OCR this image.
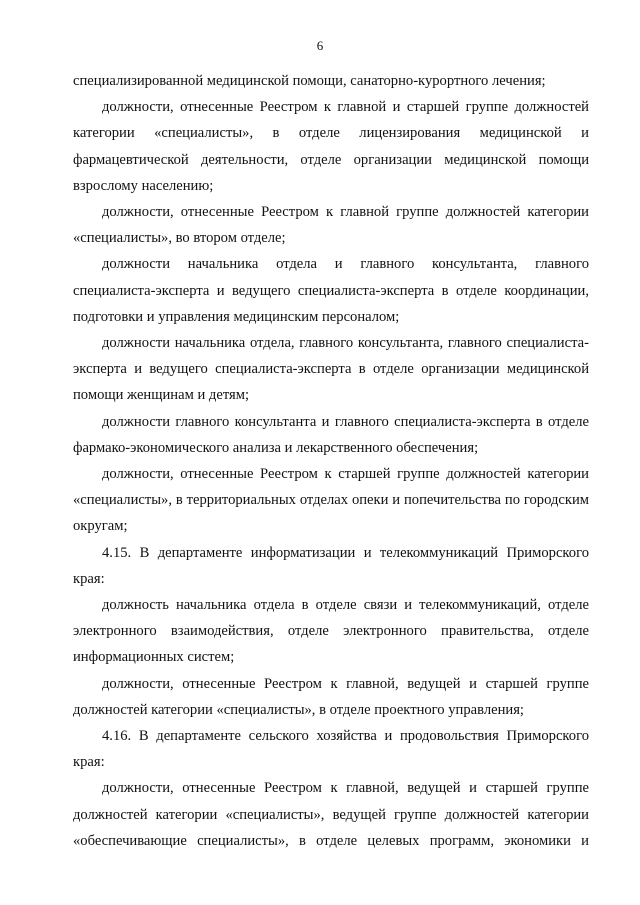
6

специализированной медицинской помощи, санаторно-курортного лечения;

должности, отнесенные Реестром к главной и старшей группе должностей категории «специалисты», в отделе лицензирования медицинской и фармацевтической деятельности, отделе организации медицинской помощи взрослому населению;

должности, отнесенные Реестром к главной группе должностей категории «специалисты», во втором отделе;

должности начальника отдела и главного консультанта, главного специалиста-эксперта и ведущего специалиста-эксперта в отделе координации, подготовки и управления медицинским персоналом;

должности начальника отдела, главного консультанта, главного специалиста-эксперта и ведущего специалиста-эксперта в отделе организации медицинской помощи женщинам и детям;

должности главного консультанта и главного специалиста-эксперта в отделе фармако-экономического анализа и лекарственного обеспечения;

должности, отнесенные Реестром к старшей группе должностей категории «специалисты», в территориальных отделах опеки и попечительства по городским округам;

4.15. В департаменте информатизации и телекоммуникаций Приморского края:

должность начальника отдела в отделе связи и телекоммуникаций, отделе электронного взаимодействия, отделе электронного правительства, отделе информационных систем;

должности, отнесенные Реестром к главной, ведущей и старшей группе должностей категории «специалисты», в отделе проектного управления;

4.16. В департаменте сельского хозяйства и продовольствия Приморского края:

должности, отнесенные Реестром к главной, ведущей и старшей группе должностей категории «специалисты», ведущей группе должностей категории «обеспечивающие специалисты», в отделе целевых программ, экономики и
